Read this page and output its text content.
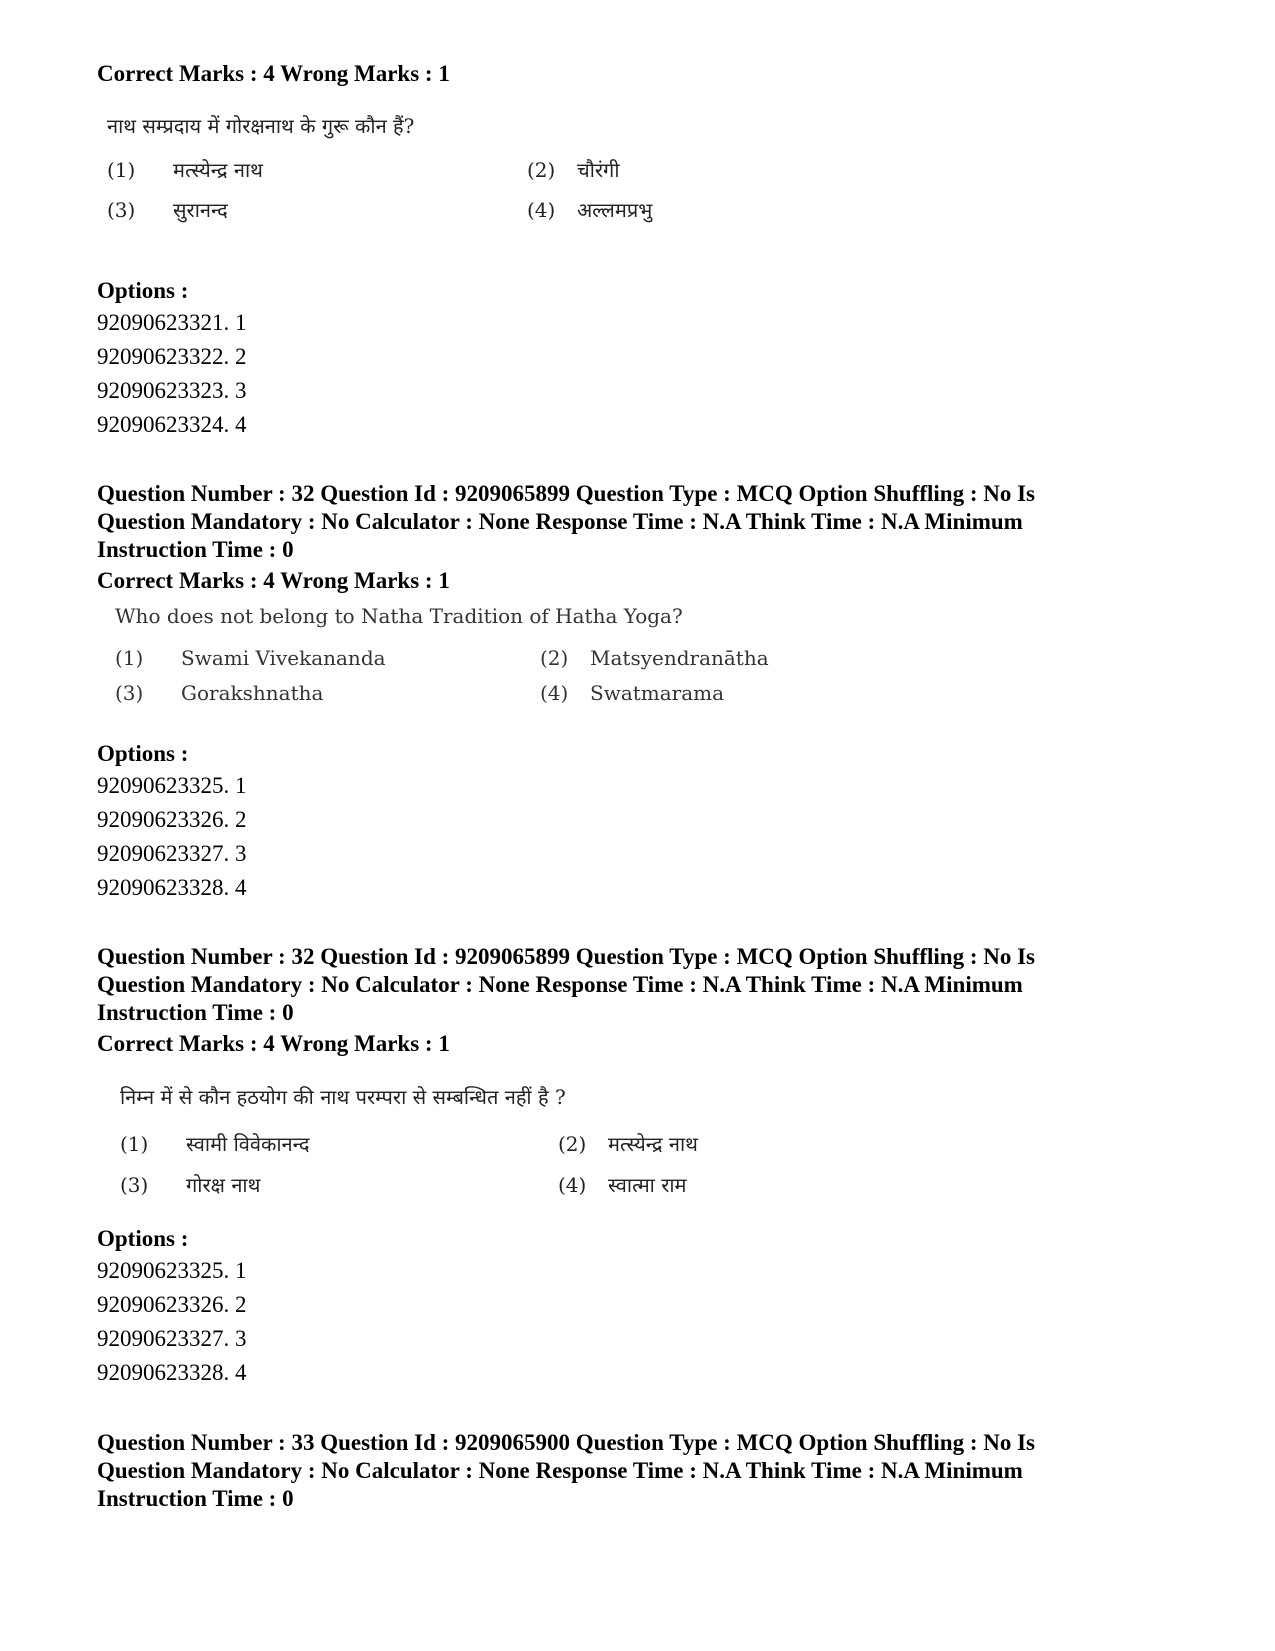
Correct Marks : 4 Wrong Marks : 1
नाथ सम्प्रदाय में गोरक्षनाथ के गुरू कौन हैं?
(1) मत्स्येन्द्र नाथ	(2) चौरंगी
(3) सुरानन्द	(4) अल्लमप्रभु
Options :
92090623321. 1
92090623322. 2
92090623323. 3
92090623324. 4
Question Number : 32 Question Id : 9209065899 Question Type : MCQ Option Shuffling : No Is
Question Mandatory : No Calculator : None Response Time : N.A Think Time : N.A Minimum
Instruction Time : 0
Correct Marks : 4 Wrong Marks : 1
Who does not belong to Natha Tradition of Hatha Yoga?
(1) Swami Vivekananda	(2) Matsyendranātha
(3) Gorakshnatha	(4) Swatmarama
Options :
92090623325. 1
92090623326. 2
92090623327. 3
92090623328. 4
Question Number : 32 Question Id : 9209065899 Question Type : MCQ Option Shuffling : No Is
Question Mandatory : No Calculator : None Response Time : N.A Think Time : N.A Minimum
Instruction Time : 0
Correct Marks : 4 Wrong Marks : 1
निम्न में से कौन हठयोग की नाथ परम्परा से सम्बन्धित नहीं है ?
(1) स्वामी विवेकानन्द	(2) मत्स्येन्द्र नाथ
(3) गोरक्ष नाथ	(4) स्वात्मा राम
Options :
92090623325. 1
92090623326. 2
92090623327. 3
92090623328. 4
Question Number : 33 Question Id : 9209065900 Question Type : MCQ Option Shuffling : No Is
Question Mandatory : No Calculator : None Response Time : N.A Think Time : N.A Minimum
Instruction Time : 0
